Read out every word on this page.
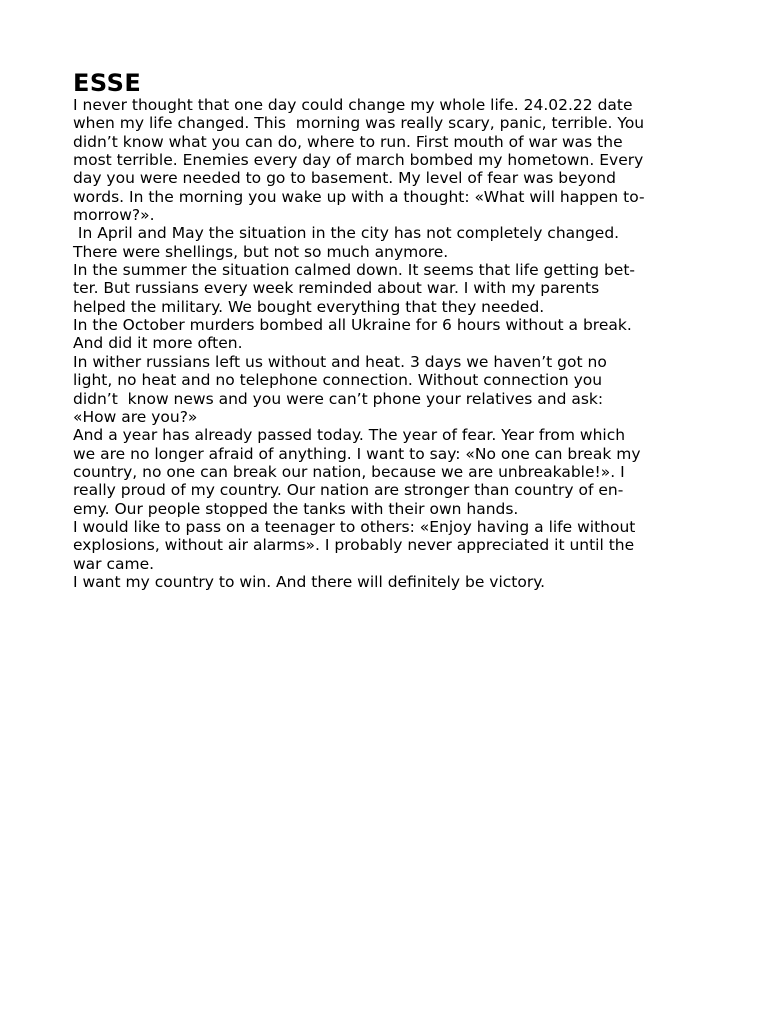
ESSE
I never thought that one day could change my whole life. 24.02.22 date
when my life changed. This  morning was really scary, panic, terrible. You
didn’t know what you can do, where to run. First mouth of war was the
most terrible. Enemies every day of march bombed my hometown. Every
day you were needed to go to basement. My level of fear was beyond
words. In the morning you wake up with a thought: «What will happen to-
morrow?».
In April and May the situation in the city has not completely changed.
There were shellings, but not so much anymore.
In the summer the situation calmed down. It seems that life getting bet-
ter. But russians every week reminded about war. I with my parents
helped the military. We bought everything that they needed.
In the October murders bombed all Ukraine for 6 hours without a break.
And did it more often.
In wither russians left us without and heat. 3 days we haven’t got no
light, no heat and no telephone connection. Without connection you
didn’t  know news and you were can’t phone your relatives and ask:
«How are you?»
And a year has already passed today. The year of fear. Year from which
we are no longer afraid of anything. I want to say: «No one can break my
country, no one can break our nation, because we are unbreakable!». I
really proud of my country. Our nation are stronger than country of en-
emy. Our people stopped the tanks with their own hands.
I would like to pass on a teenager to others: «Enjoy having a life without
explosions, without air alarms». I probably never appreciated it until the
war came.
I want my country to win. And there will definitely be victory.
